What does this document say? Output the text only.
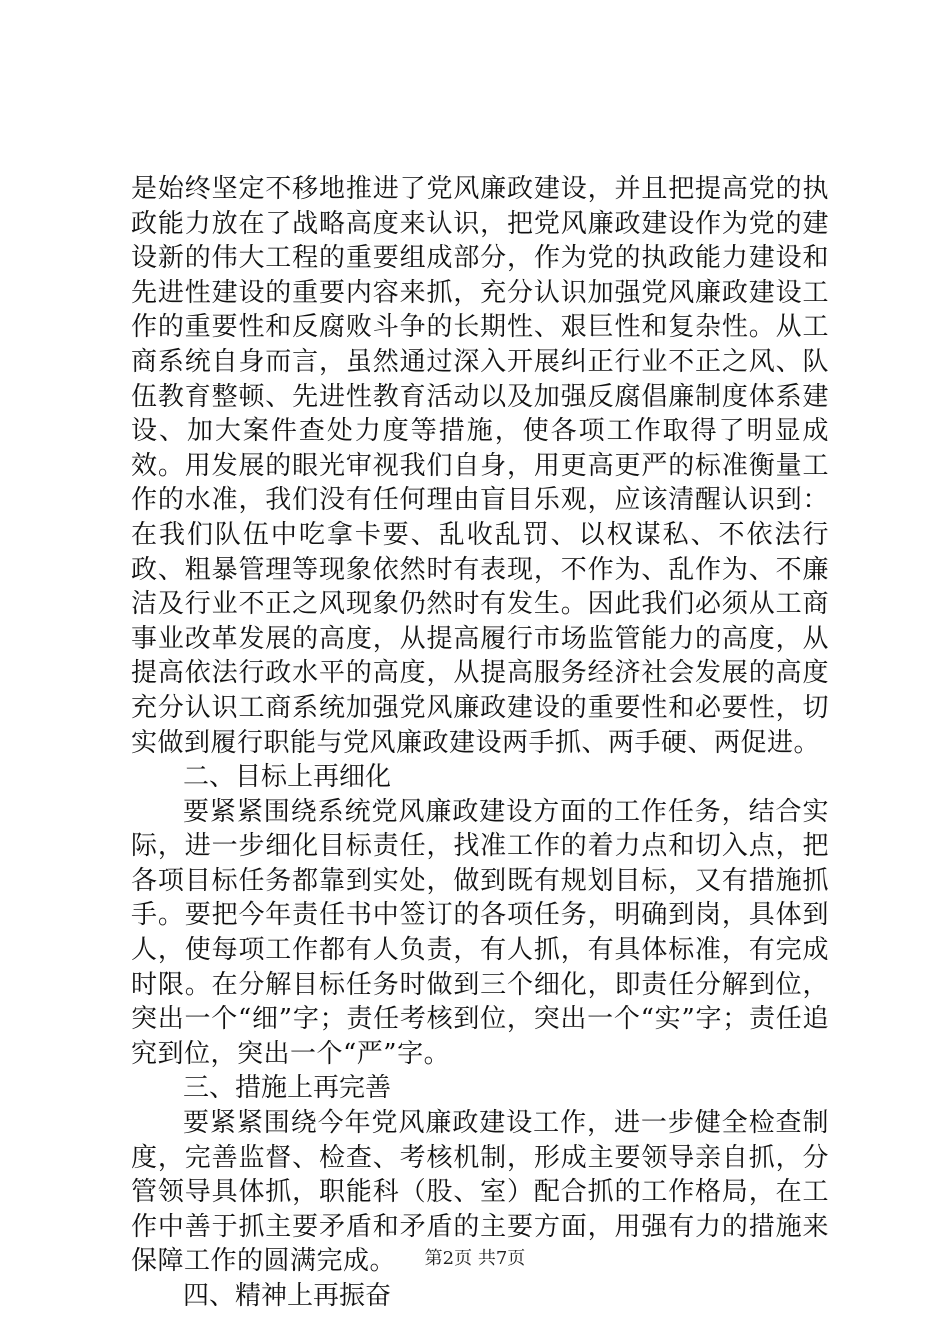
是始终坚定不移地推进了党风廉政建设，并且把提高党的执政能力放在了战略高度来认识，把党风廉政建设作为党的建设新的伟大工程的重要组成部分，作为党的执政能力建设和先进性建设的重要内容来抓，充分认识加强党风廉政建设工作的重要性和反腐败斗争的长期性、艰巨性和复杂性。从工商系统自身而言，虽然通过深入开展纠正行业不正之风、队伍教育整顿、先进性教育活动以及加强反腐倡廉制度体系建设、加大案件查处力度等措施，使各项工作取得了明显成效。用发展的眼光审视我们自身，用更高更严的标准衡量工作的水准，我们没有任何理由盲目乐观，应该清醒认识到：在我们队伍中吃拿卡要、乱收乱罚、以权谋私、不依法行政、粗暴管理等现象依然时有表现，不作为、乱作为、不廉洁及行业不正之风现象仍然时有发生。因此我们必须从工商事业改革发展的高度，从提高履行市场监管能力的高度，从提高依法行政水平的高度，从提高服务经济社会发展的高度充分认识工商系统加强党风廉政建设的重要性和必要性，切实做到履行职能与党风廉政建设两手抓、两手硬、两促进。

二、目标上再细化

要紧紧围绕系统党风廉政建设方面的工作任务，结合实际，进一步细化目标责任，找准工作的着力点和切入点，把各项目标任务都靠到实处，做到既有规划目标，又有措施抓手。要把今年责任书中签订的各项任务，明确到岗，具体到人，使每项工作都有人负责，有人抓，有具体标准，有完成时限。在分解目标任务时做到三个细化，即责任分解到位，突出一个“细”字；责任考核到位，突出一个“实”字；责任追究到位，突出一个“严”字。

三、措施上再完善

要紧紧围绕今年党风廉政建设工作，进一步健全检查制度，完善监督、检查、考核机制，形成主要领导亲自抓，分管领导具体抓，职能科（股、室）配合抓的工作格局，在工作中善于抓主要矛盾和矛盾的主要方面，用强有力的措施来保障工作的圆满完成。

四、精神上再振奋

第2页 共7页
